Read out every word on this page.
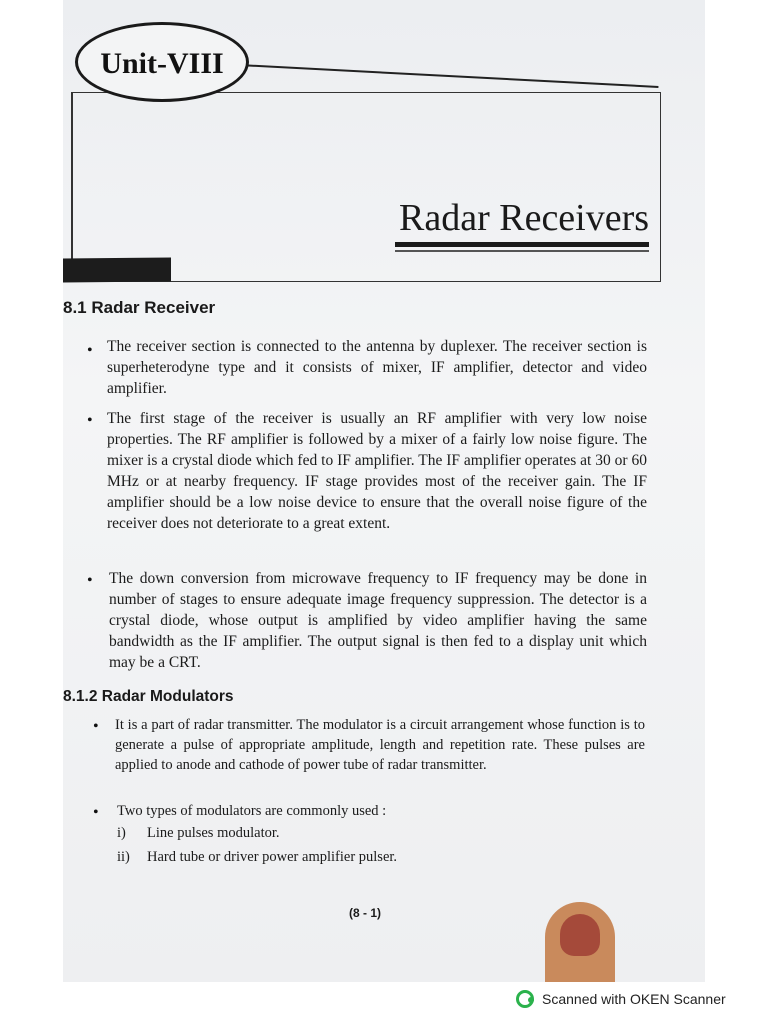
Unit-VIII
Radar Receivers
8.1 Radar Receiver
• The receiver section is connected to the antenna by duplexer. The receiver section is superheterodyne type and it consists of mixer, IF amplifier, detector and video amplifier.
• The first stage of the receiver is usually an RF amplifier with very low noise properties. The RF amplifier is followed by a mixer of a fairly low noise figure. The mixer is a crystal diode which fed to IF amplifier. The IF amplifier operates at 30 or 60 MHz or at nearby frequency. IF stage provides most of the receiver gain. The IF amplifier should be a low noise device to ensure that the overall noise figure of the receiver does not deteriorate to a great extent.
• The down conversion from microwave frequency to IF frequency may be done in number of stages to ensure adequate image frequency suppression. The detector is a crystal diode, whose output is amplified by video amplifier having the same bandwidth as the IF amplifier. The output signal is then fed to a display unit which may be a CRT.
8.1.2 Radar Modulators
• It is a part of radar transmitter. The modulator is a circuit arrangement whose function is to generate a pulse of appropriate amplitude, length and repetition rate. These pulses are applied to anode and cathode of power tube of radar transmitter.
• Two types of modulators are commonly used :
i) Line pulses modulator.
ii) Hard tube or driver power amplifier pulser.
(8 - 1)
Scanned with OKEN Scanner
